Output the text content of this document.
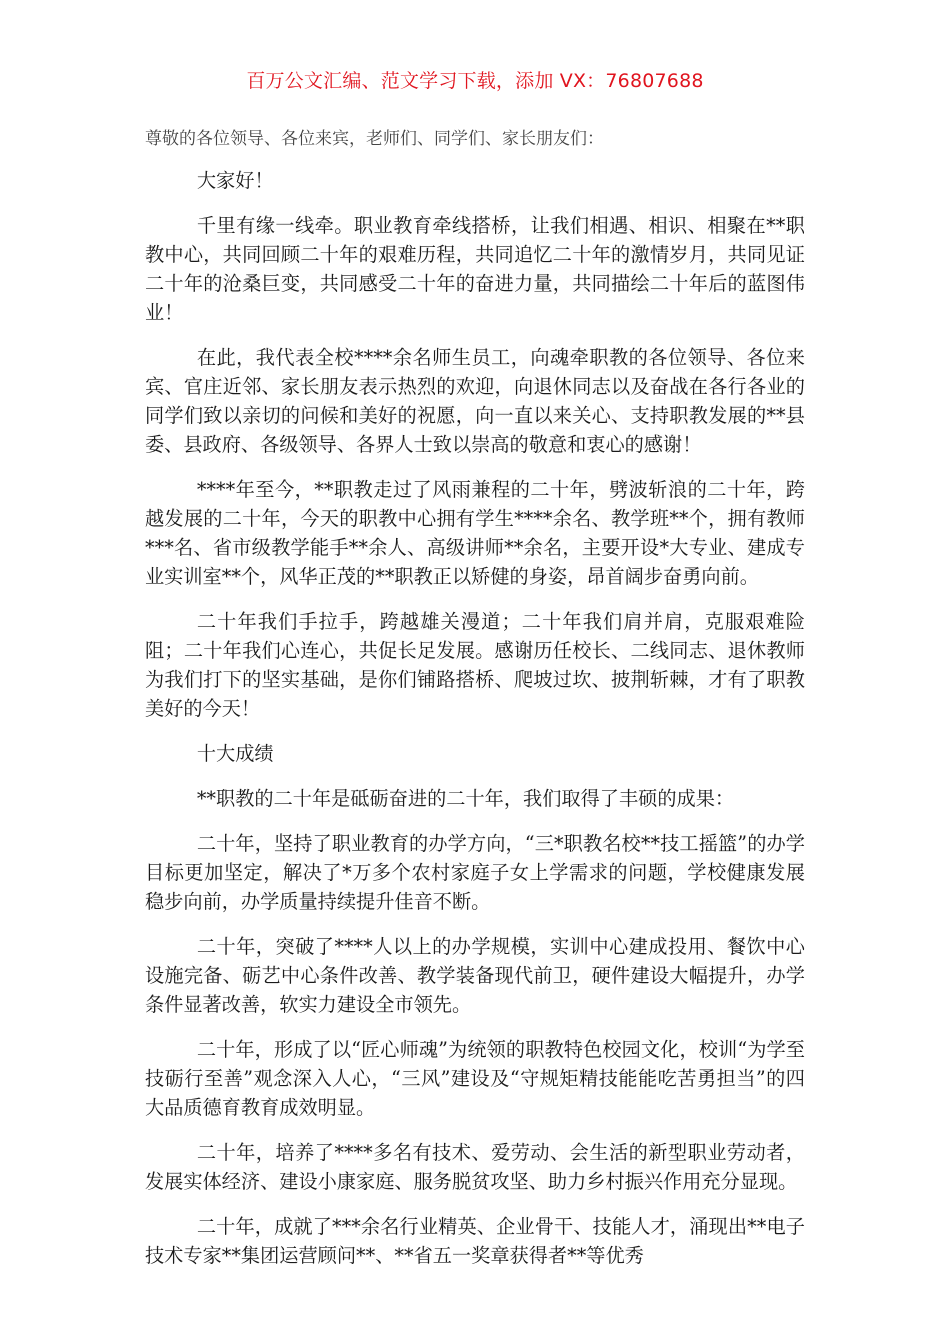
百万公文汇编、范文学习下载，添加 VX：76807688

尊敬的各位领导、各位来宾，老师们、同学们、家长朋友们：

大家好！

千里有缘一线牵。职业教育牵线搭桥，让我们相遇、相识、相聚在**职教中心，共同回顾二十年的艰难历程，共同追忆二十年的激情岁月，共同见证二十年的沧桑巨变，共同感受二十年的奋进力量，共同描绘二十年后的蓝图伟业！

在此，我代表全校****余名师生员工，向魂牵职教的各位领导、各位来宾、官庄近邻、家长朋友表示热烈的欢迎，向退休同志以及奋战在各行各业的同学们致以亲切的问候和美好的祝愿，向一直以来关心、支持职教发展的**县委、县政府、各级领导、各界人士致以崇高的敬意和衷心的感谢！

****年至今，**职教走过了风雨兼程的二十年，劈波斩浪的二十年，跨越发展的二十年，今天的职教中心拥有学生****余名、教学班**个，拥有教师***名、省市级教学能手**余人、高级讲师**余名，主要开设*大专业、建成专业实训室**个，风华正茂的**职教正以矫健的身姿，昂首阔步奋勇向前。

二十年我们手拉手，跨越雄关漫道；二十年我们肩并肩，克服艰难险阻；二十年我们心连心，共促长足发展。感谢历任校长、二线同志、退休教师为我们打下的坚实基础，是你们铺路搭桥、爬坡过坎、披荆斩棘，才有了职教美好的今天！

十大成绩

**职教的二十年是砥砺奋进的二十年，我们取得了丰硕的成果：

二十年，坚持了职业教育的办学方向，“三*职教名校**技工摇篮”的办学目标更加坚定，解决了*万多个农村家庭子女上学需求的问题，学校健康发展稳步向前，办学质量持续提升佳音不断。

二十年，突破了****人以上的办学规模，实训中心建成投用、餐饮中心设施完备、砺艺中心条件改善、教学装备现代前卫，硬件建设大幅提升，办学条件显著改善，软实力建设全市领先。

二十年，形成了以“匠心师魂”为统领的职教特色校园文化，校训“为学至技砺行至善”观念深入人心，“三风”建设及“守规矩精技能能吃苦勇担当”的四大品质德育教育成效明显。

二十年，培养了****多名有技术、爱劳动、会生活的新型职业劳动者，发展实体经济、建设小康家庭、服务脱贫攻坚、助力乡村振兴作用充分显现。

二十年，成就了***余名行业精英、企业骨干、技能人才，涌现出**电子技术专家**集团运营顾问**、**省五一奖章获得者**等优秀
